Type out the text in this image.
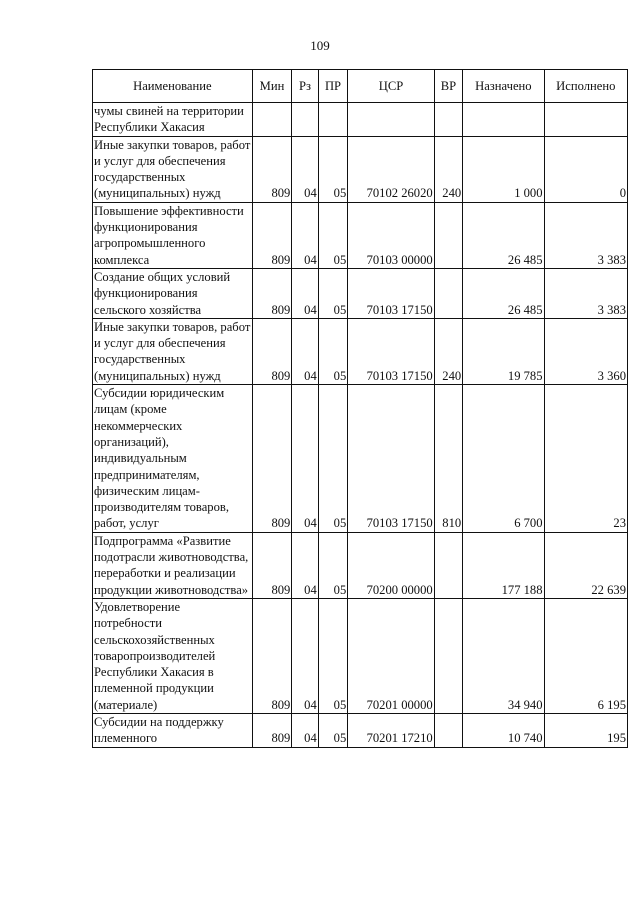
109
Наименование	Мин	Рз	ПР	ЦСР	ВР	Назначено	Исполнено
чумы свиней на территории Республики Хакасия							
Иные закупки товаров, работ и услуг для обеспечения государственных (муниципальных) нужд	809	04	05	70102 26020	240	1 000	0
Повышение эффективности функционирования агропромышленного комплекса	809	04	05	70103 00000		26 485	3 383
Создание общих условий функционирования сельского хозяйства	809	04	05	70103 17150		26 485	3 383
Иные закупки товаров, работ и услуг для обеспечения государственных (муниципальных) нужд	809	04	05	70103 17150	240	19 785	3 360
Субсидии юридическим лицам (кроме некоммерческих организаций), индивидуальным предпринимателям, физическим лицам-производителям товаров, работ, услуг	809	04	05	70103 17150	810	6 700	23
Подпрограмма «Развитие подотрасли животноводства, переработки и реализации продукции животноводства»	809	04	05	70200 00000		177 188	22 639
Удовлетворение потребности сельскохозяйственных товаропроизводителей Республики Хакасия в племенной продукции (материале)	809	04	05	70201 00000		34 940	6 195
Субсидии на поддержку племенного	809	04	05	70201 17210		10 740	195
